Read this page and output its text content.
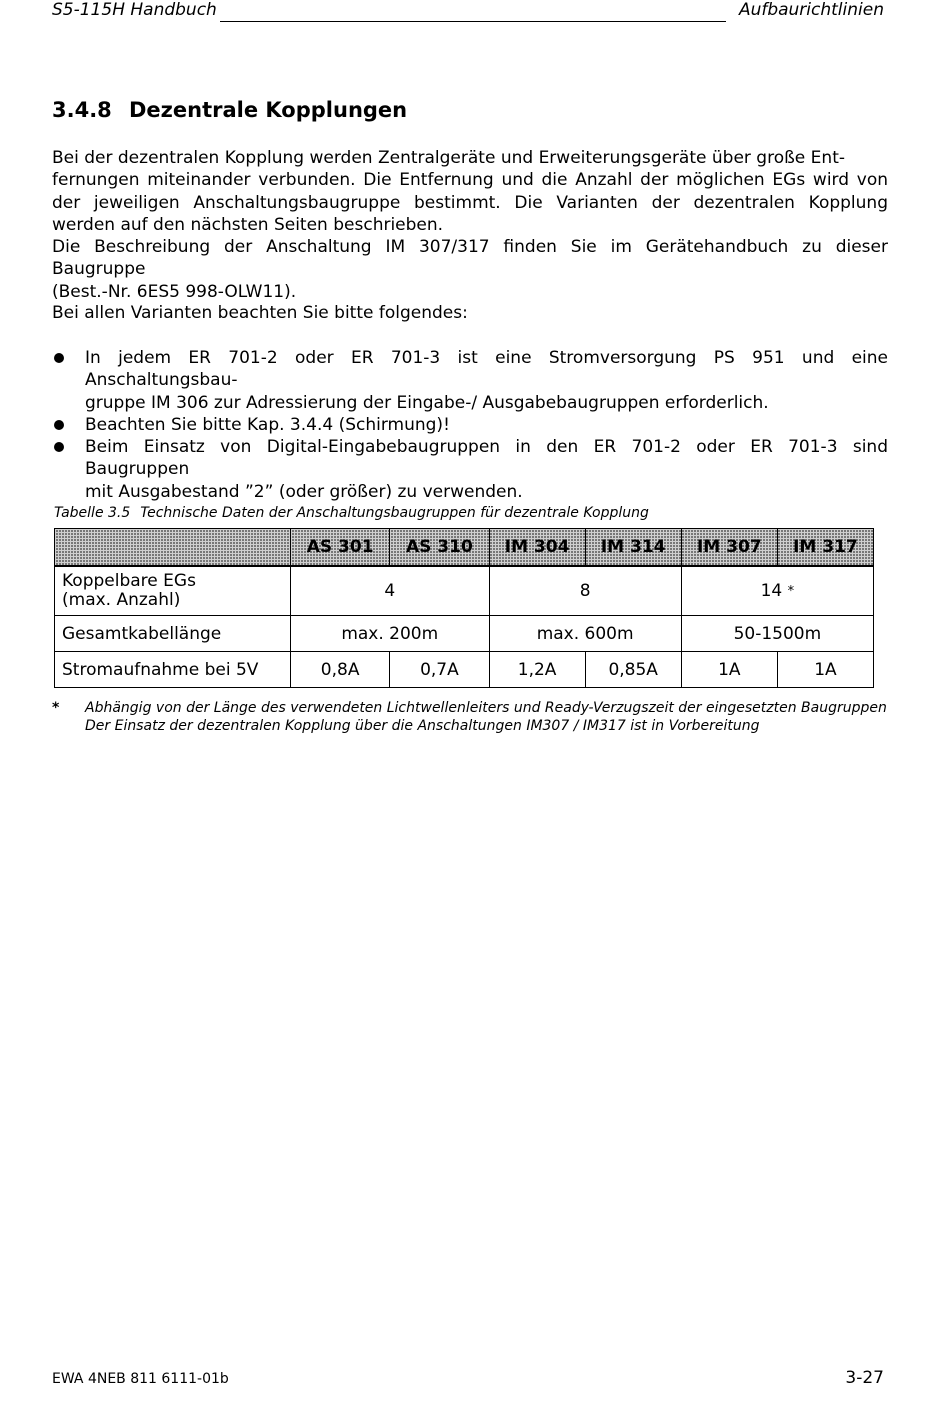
S5-115H Handbuch	Aufbaurichtlinien
3.4.8 Dezentrale Kopplungen

Bei der dezentralen Kopplung werden Zentralgeräte und Erweiterungsgeräte über große Ent-
fernungen miteinander verbunden. Die Entfernung und die Anzahl der möglichen EGs wird von
der jeweiligen Anschaltungsbaugruppe bestimmt. Die Varianten der dezentralen Kopplung
werden auf den nächsten Seiten beschrieben.
Die Beschreibung der Anschaltung IM 307/317 finden Sie im Gerätehandbuch zu dieser Baugruppe
(Best.-Nr. 6ES5 998-OLW11).

Bei allen Varianten beachten Sie bitte folgendes:

In jedem ER 701-2 oder ER 701-3 ist eine Stromversorgung PS 951 und eine Anschaltungsbau-
gruppe IM 306 zur Adressierung der Eingabe-/ Ausgabebaugruppen erforderlich.
Beachten Sie bitte Kap. 3.4.4 (Schirmung)!
Beim Einsatz von Digital-Eingabebaugruppen in den ER 701-2 oder ER 701-3 sind Baugruppen
mit Ausgabestand ”2” (oder größer) zu verwenden.
Tabelle 3.5 Technische Daten der Anschaltungsbaugruppen für dezentrale Kopplung
	AS 301	AS 310	IM 304	IM 314	IM 307	IM 317

Koppelbare EGs
(max. Anzahl)	4		8		14 *	
Gesamtkabellänge	max. 200m		max. 600m		50-1500m	
Stromaufnahme bei 5V	0,8A	0,7A	1,2A	0,85A	1A	1A
* Abhängig von der Länge des verwendeten Lichtwellenleiters und Ready-Verzugszeit der eingesetzten Baugruppen
Der Einsatz der dezentralen Kopplung über die Anschaltungen IM307 / IM317 ist in Vorbereitung
EWA 4NEB 811 6111-01b	3-27
